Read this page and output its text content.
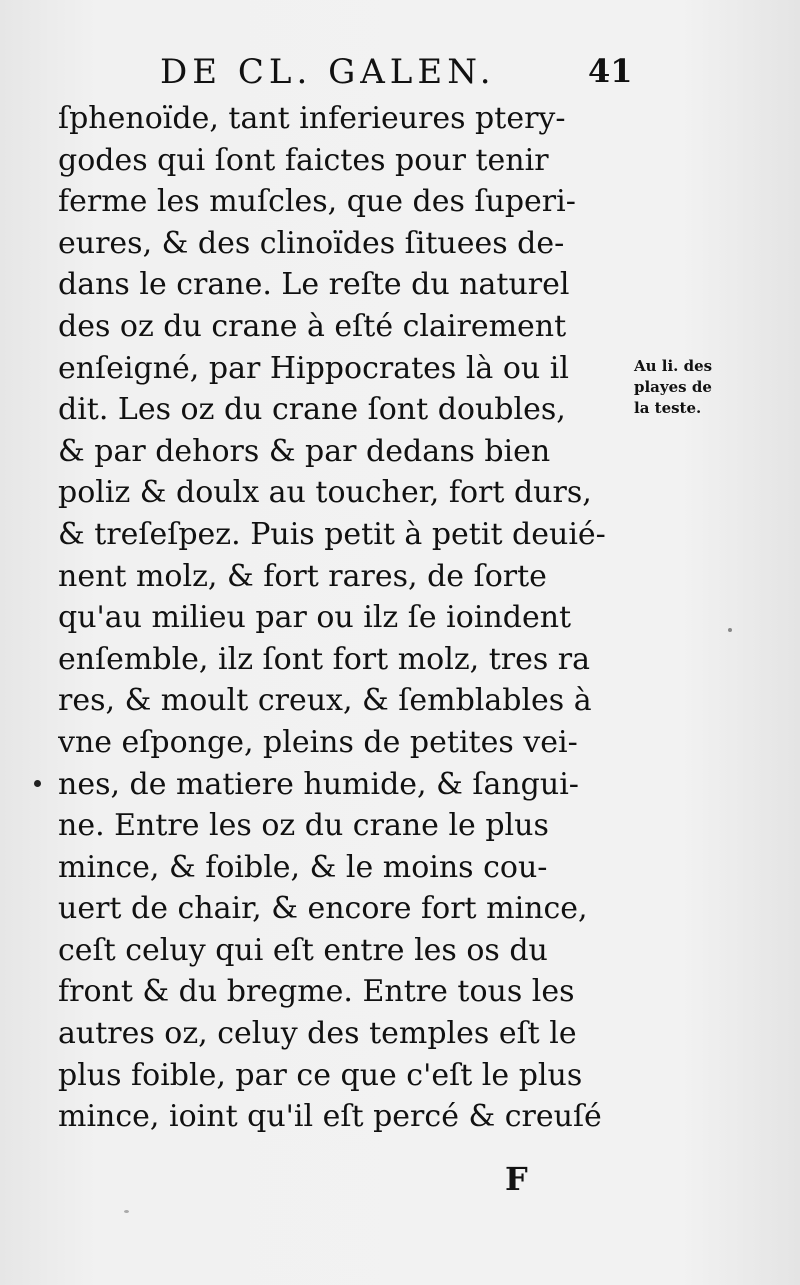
DE CL. GALEN.	41
ſphenoïde, tant inferieures ptery-
godes qui ſont faictes pour tenir
ferme les muſcles, que des ſuperi-
eures, & des clinoïdes ſituees de-
dans le crane. Le reſte du naturel
des oz du crane à eſté clairement
enſeigné, par Hippocrates là ou il
dit. Les oz du crane ſont doubles,
& par dehors & par dedans bien
poliz & doulx au toucher, fort durs,
& treſeſpez. Puis petit à petit deuié-
nent molz, & fort rares, de ſorte
qu'au milieu par ou ilz ſe ioindent
enſemble, ilz ſont fort molz, tres ra
res, & moult creux, & ſemblables à
vne eſponge, pleins de petites vei-
nes, de matiere humide, & ſangui-
ne. Entre les oz du crane le plus
mince, & foible, & le moins cou-
uert de chair, & encore fort mince,
ceſt celuy qui eſt entre les os du
front & du bregme. Entre tous les
autres oz, celuy des temples eſt le
plus foible, par ce que c'eſt le plus
mince, ioint qu'il eſt percé & creuſé
Au li. des
playes de
la teste.
F
